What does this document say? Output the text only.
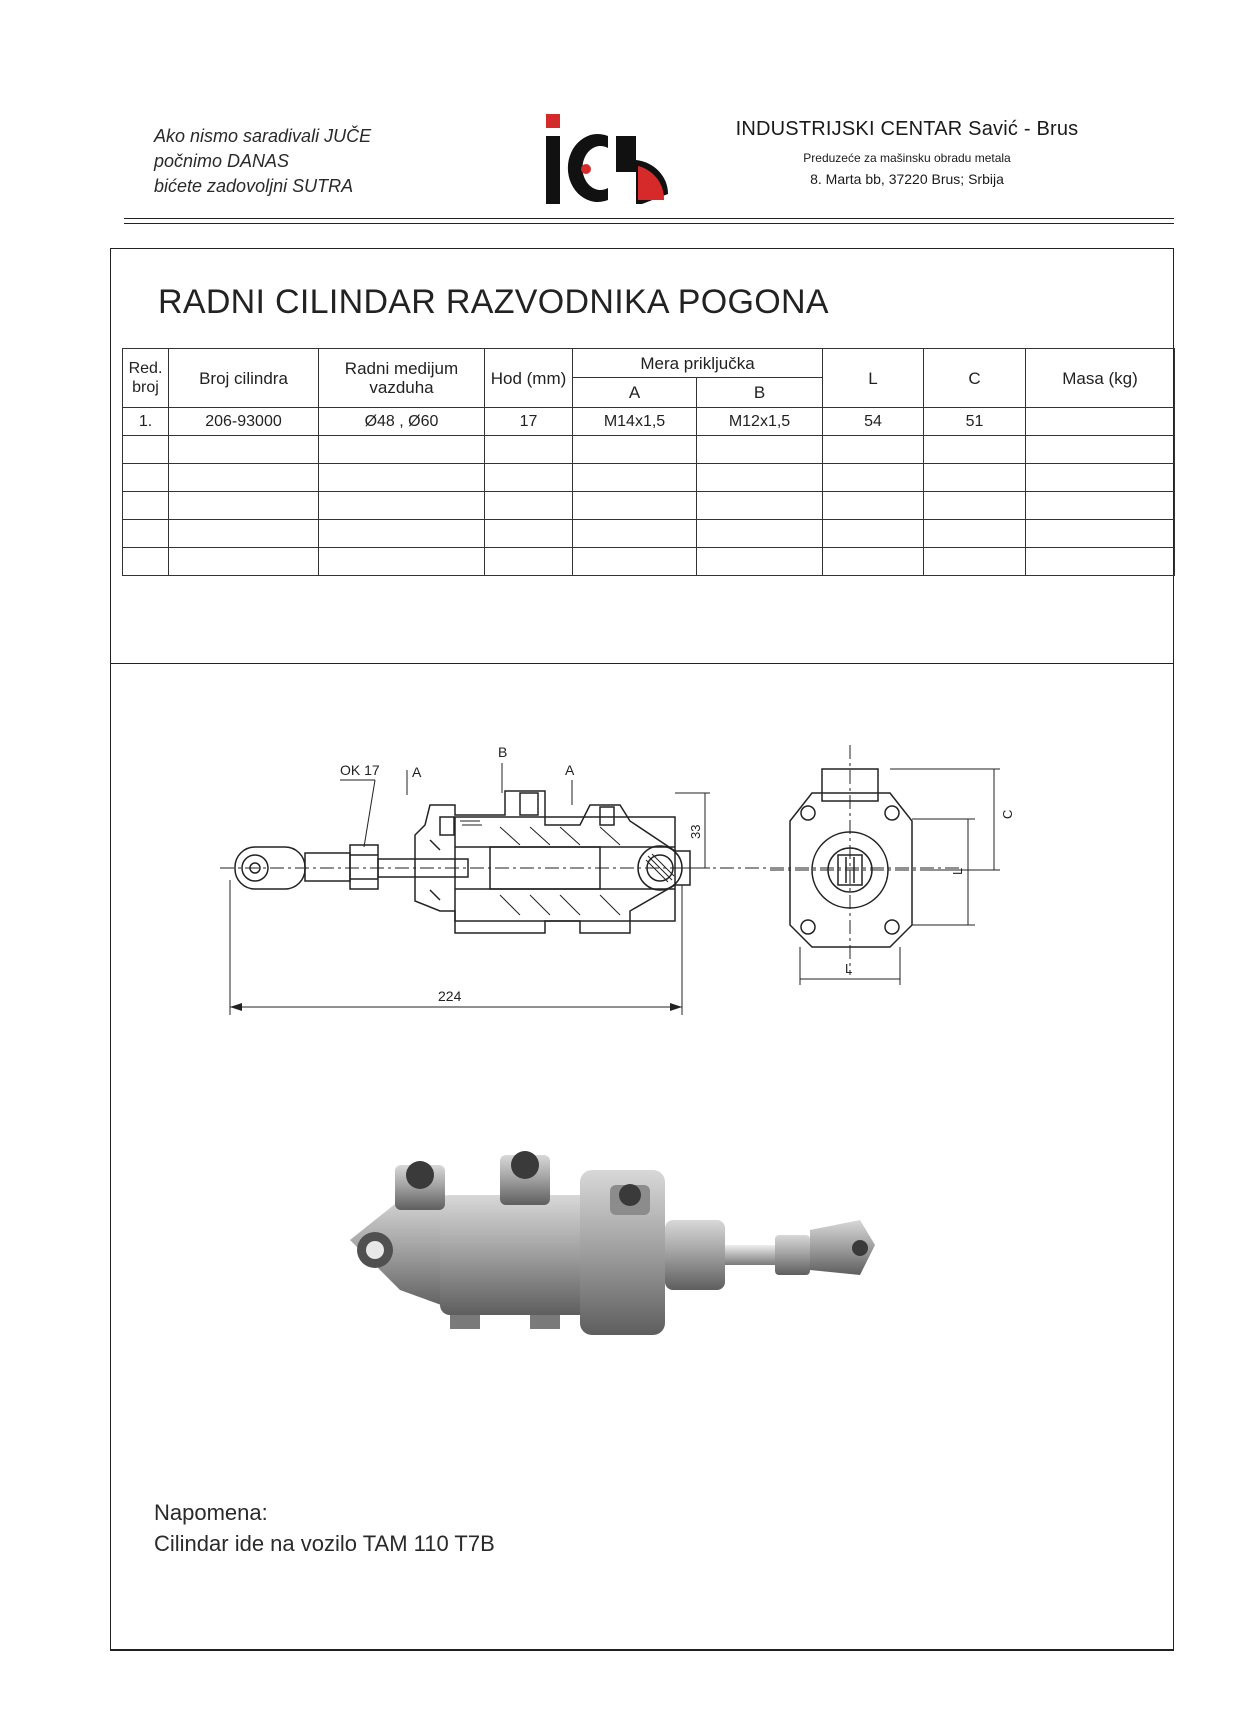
Ako nismo saradivali JUČE
počnimo DANAS
bićete zadovoljni SUTRA
INDUSTRIJSKI CENTAR Savić - Brus
Preduzeće za mašinsku obradu metala
8. Marta bb, 37220 Brus; Srbija
RADNI CILINDAR RAZVODNIKA POGONA
Red. broj	Broj cilindra	Radni medijum vazduha	Hod (mm)	Mera priključka		L	C	Masa (kg)
				A	B			
1.	206-93000	Ø48 , Ø60	17	M14x1,5	M12x1,5	54	51	

OK 17 A	A
B
33
224
C
L
L
Napomena:
Cilindar ide na vozilo TAM 110 T7B
